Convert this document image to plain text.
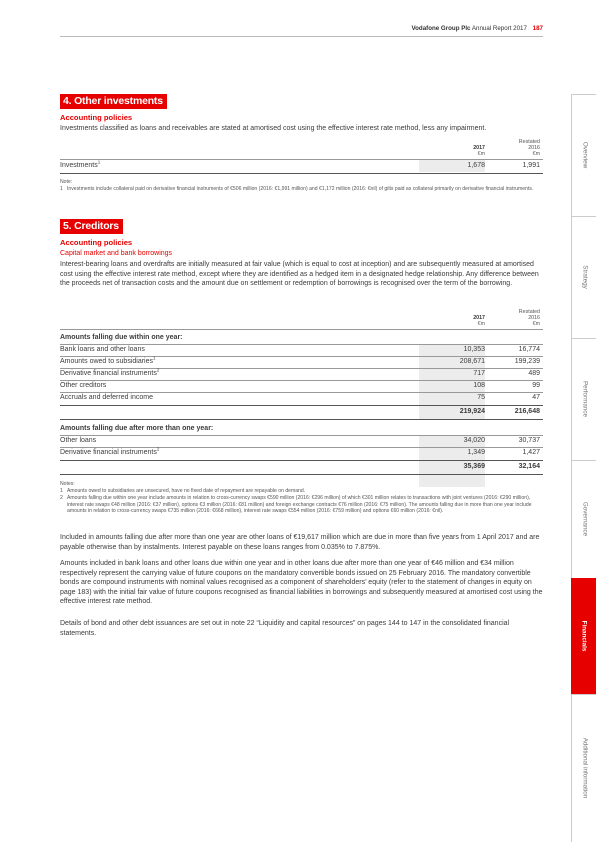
Vodafone Group Plc Annual Report 2017 187
Overview
Strategy
Performance
Governance
Financials
Additional information
4. Other investments
Accounting policies
Investments classified as loans and receivables are stated at amortised cost using the effective interest rate method, less any impairment.
Restated
2016
€m
2017
€m
Investments$^1$	1,678	1,991
Note:
1 Investments include collateral paid on derivative financial instruments of €506 million (2016: €1,991 million) and €1,172 million (2016: €nil) of gilts paid as collateral primarily on derivative financial instruments.
5. Creditors
Accounting policies
Capital market and bank borrowings
Interest-bearing loans and overdrafts are initially measured at fair value (which is equal to cost at inception) and are subsequently measured at amortised cost using the effective interest rate method, except where they are identified as a hedged item in a designated hedge relationship. Any difference between the proceeds net of transaction costs and the amount due on settlement or redemption of borrowings is recognised over the term of the borrowing.
Restated
2016
€m
2017
€m
Amounts falling due within one year:
Bank loans and other loans	10,353	16,774
Amounts owed to subsidiaries$^1$	208,671	199,239
Derivative financial instruments$^2$	717	489
Other creditors	108	99
Accruals and deferred income	75	47
219,924	216,648
Amounts falling due after more than one year:
Other loans	34,020	30,737
Derivative financial instruments$^2$	1,349	1,427
35,369	32,164
Notes:
1 Amounts owed to subsidiaries are unsecured, have no fixed date of repayment are repayable on demand.
2 Amounts falling due within one year include amounts in relation to cross-currency swaps €590 million (2016: €296 million) of which €301 million relates to transactions with joint ventures (2016: €290 million), interest rate swaps €48 million (2016: €37 million), options €3 million (2016: €81 million) and foreign exchange contracts €76 million (2016: €75 million). The amounts falling due in more than one year include amounts in relation to cross-currency swaps €735 million (2016: €668 million), interest rate swaps €554 million (2016: €759 million) and options €60 million (2016: €nil).
Included in amounts falling due after more than one year are other loans of €19,617 million which are due in more than five years from 1 April 2017 and are payable otherwise than by instalments. Interest payable on these loans ranges from 0.035% to 7.875%.
Amounts included in bank loans and other loans due within one year and in other loans due after more than one year of €46 million and €34 million respectively represent the carrying value of future coupons on the mandatory convertible bonds issued on 25 February 2016. The mandatory convertible bonds are compound instruments with nominal values recognised as a component of shareholders’ equity (refer to the statement of changes in equity on page 183) with the initial fair value of future coupons recognised as financial liabilities in borrowings and subsequently measured at amortised cost using the effective interest rate method.
Details of bond and other debt issuances are set out in note 22 “Liquidity and capital resources” on pages 144 to 147 in the consolidated financial statements.
